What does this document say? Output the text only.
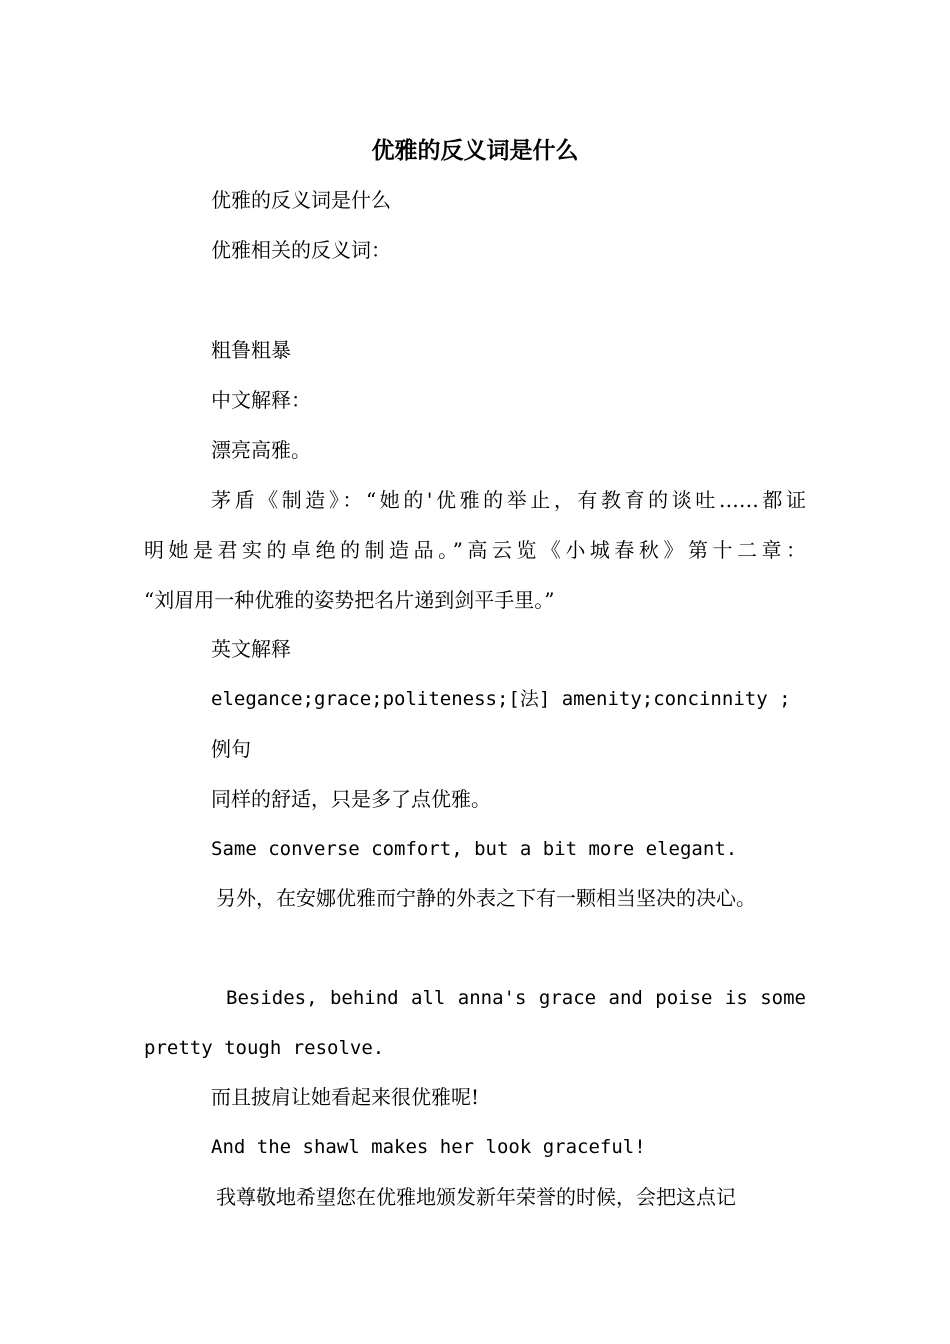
优雅的反义词是什么

优雅的反义词是什么

优雅相关的反义词：

粗鲁粗暴

中文解释：

漂亮高雅。

茅盾《制造》：“她的'优雅的举止，有教育的谈吐……都证

明她是君实的卓绝的制造品。”高云览《小城春秋》第十二章：

“刘眉用一种优雅的姿势把名片递到剑平手里。”

英文解释

elegance;grace;politeness;[法] amenity;concinnity ;

例句

同样的舒适，只是多了点优雅。

Same converse comfort, but a bit more elegant.

另外，在安娜优雅而宁静的外表之下有一颗相当坚决的决心。

Besides, behind all anna's grace and poise is some

pretty tough resolve.

而且披肩让她看起来很优雅呢!

And the shawl makes her look graceful!

我尊敬地希望您在优雅地颁发新年荣誉的时候，会把这点记
